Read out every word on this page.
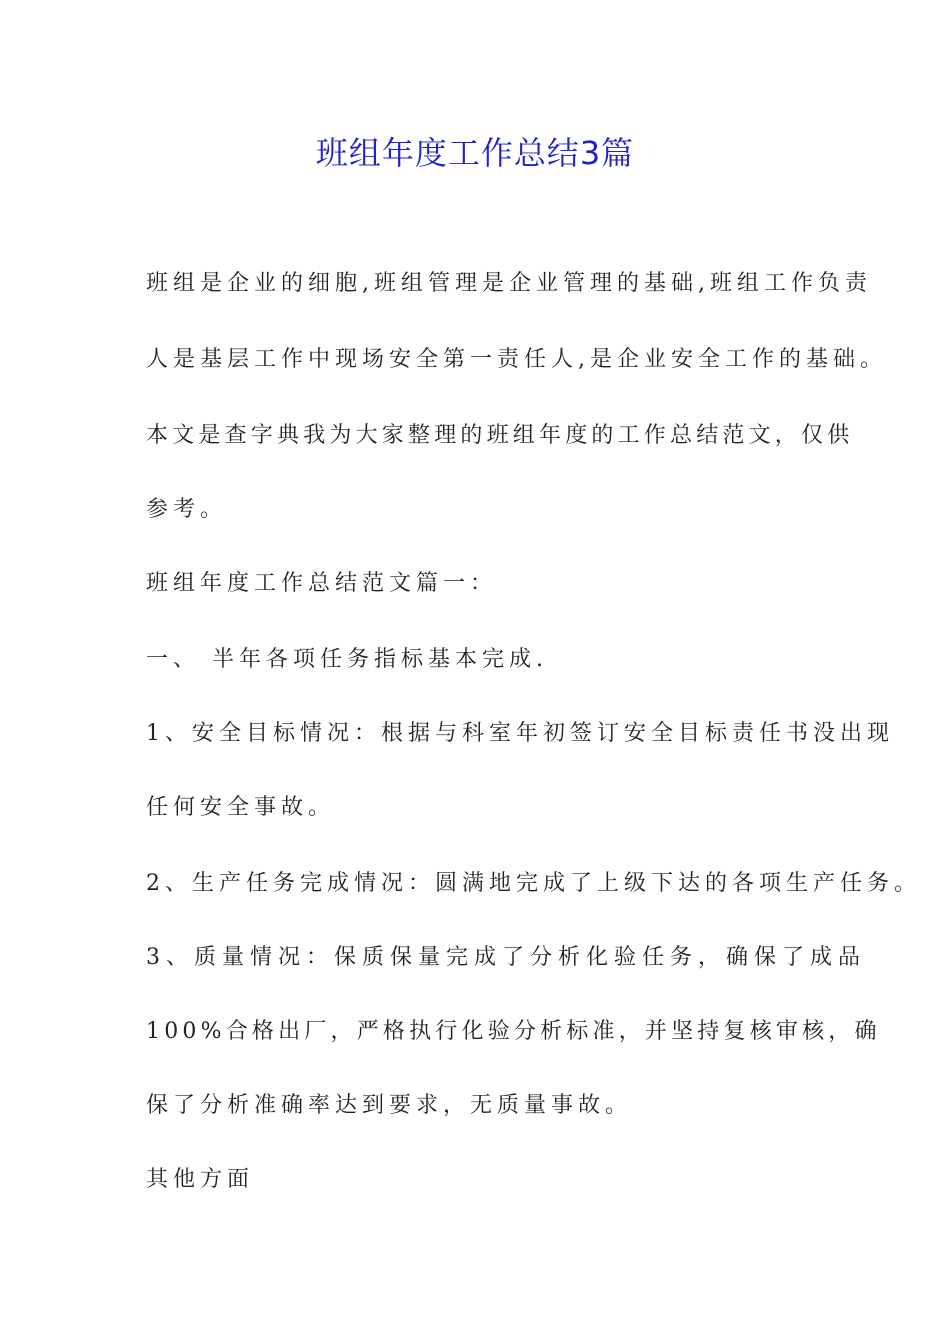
班组年度工作总结3篇

班组是企业的细胞,班组管理是企业管理的基础,班组工作负责

人是基层工作中现场安全第一责任人,是企业安全工作的基础。

本文是查字典我为大家整理的班组年度的工作总结范文，仅供

参考。

班组年度工作总结范文篇一：

一、 半年各项任务指标基本完成.

1、安全目标情况：根据与科室年初签订安全目标责任书没出现

任何安全事故。

2、生产任务完成情况：圆满地完成了上级下达的各项生产任务。

3、质量情况：保质保量完成了分析化验任务，确保了成品

100%合格出厂，严格执行化验分析标准，并坚持复核审核，确

保了分析准确率达到要求，无质量事故。

其他方面
